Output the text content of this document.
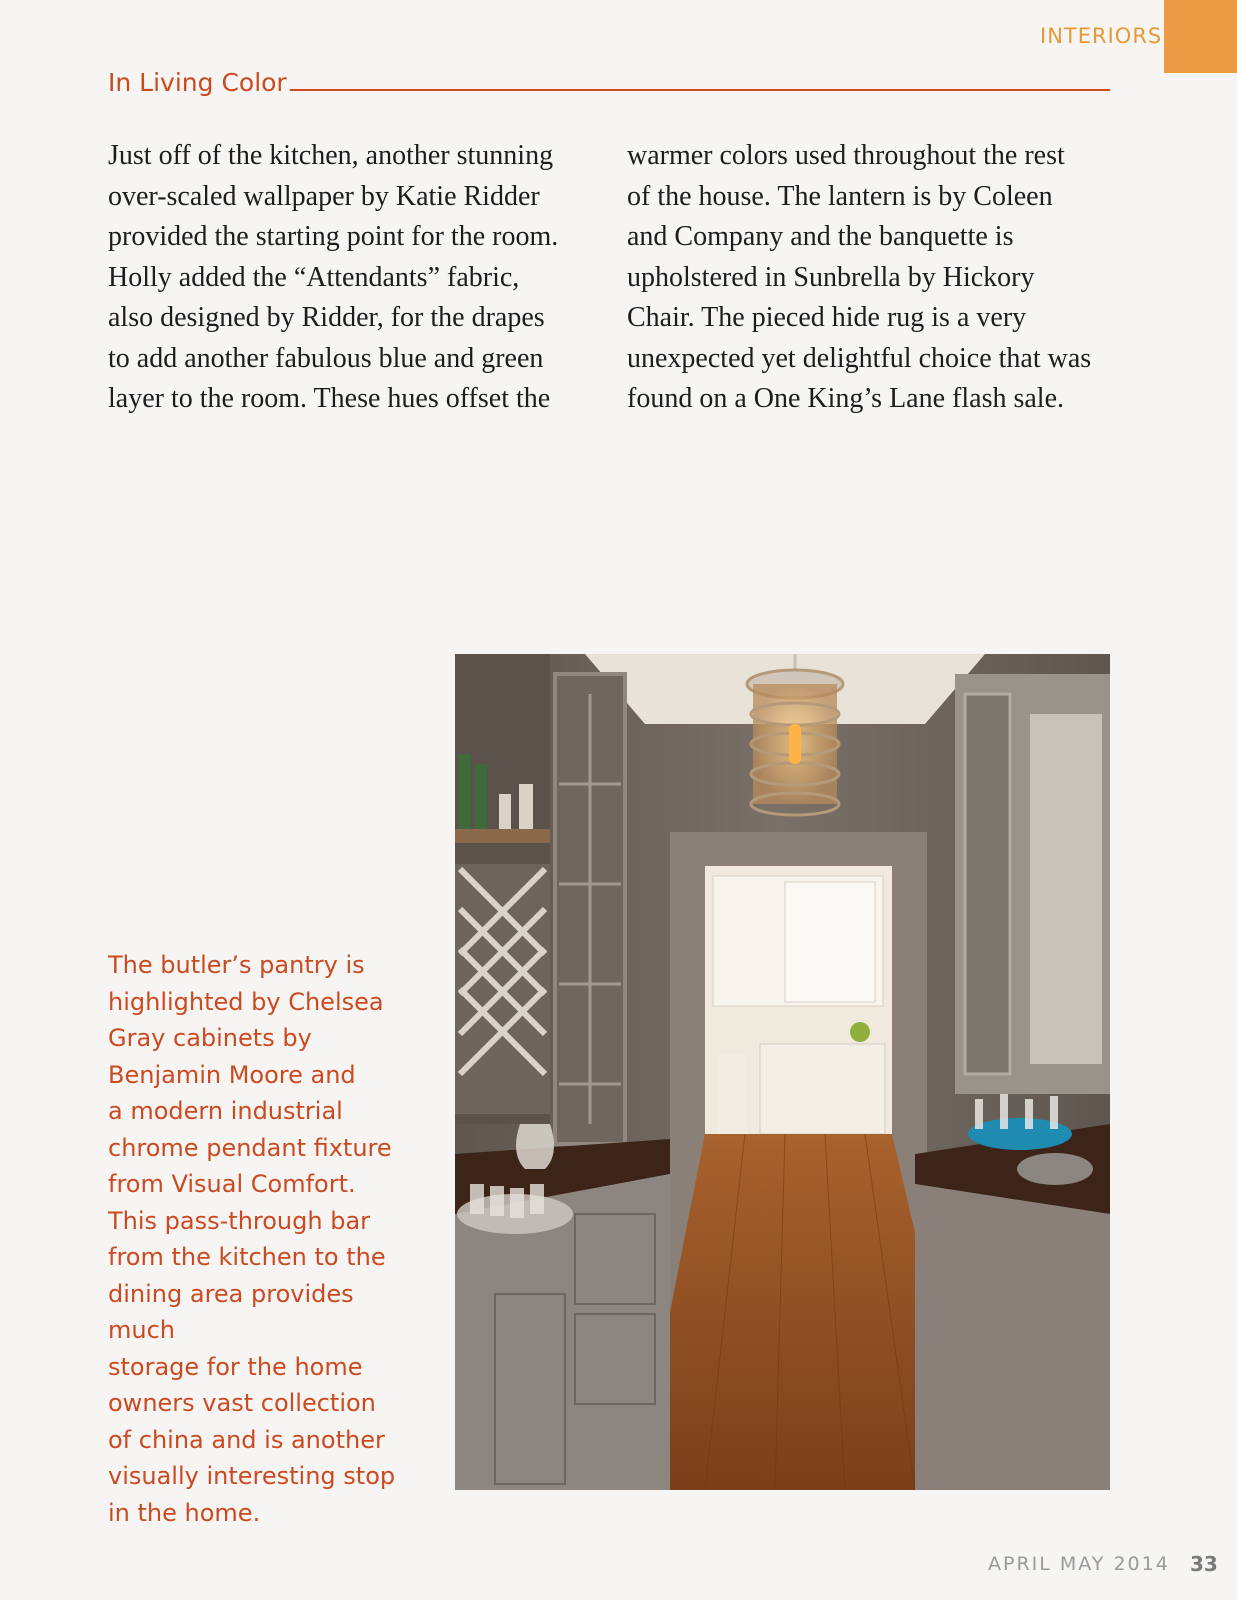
INTERIORS
In Living Color
Just off of the kitchen, another stunning
over-scaled wallpaper by Katie Ridder
provided the starting point for the room.
Holly added the “Attendants” fabric,
also designed by Ridder, for the drapes
to add another fabulous blue and green
layer to the room. These hues offset the
warmer colors used throughout the rest
of the house. The lantern is by Coleen
and Company and the banquette is
upholstered in Sunbrella by Hickory
Chair. The pieced hide rug is a very
unexpected yet delightful choice that was
found on a One King’s Lane flash sale.
The butler’s pantry is
highlighted by Chelsea
Gray cabinets by
Benjamin Moore and
a modern industrial
chrome pendant fixture
from Visual Comfort.
This pass-through bar
from the kitchen to the
dining area provides much
storage for the home
owners vast collection
of china and is another
visually interesting stop
in the home.
APRIL MAY 2014 33
